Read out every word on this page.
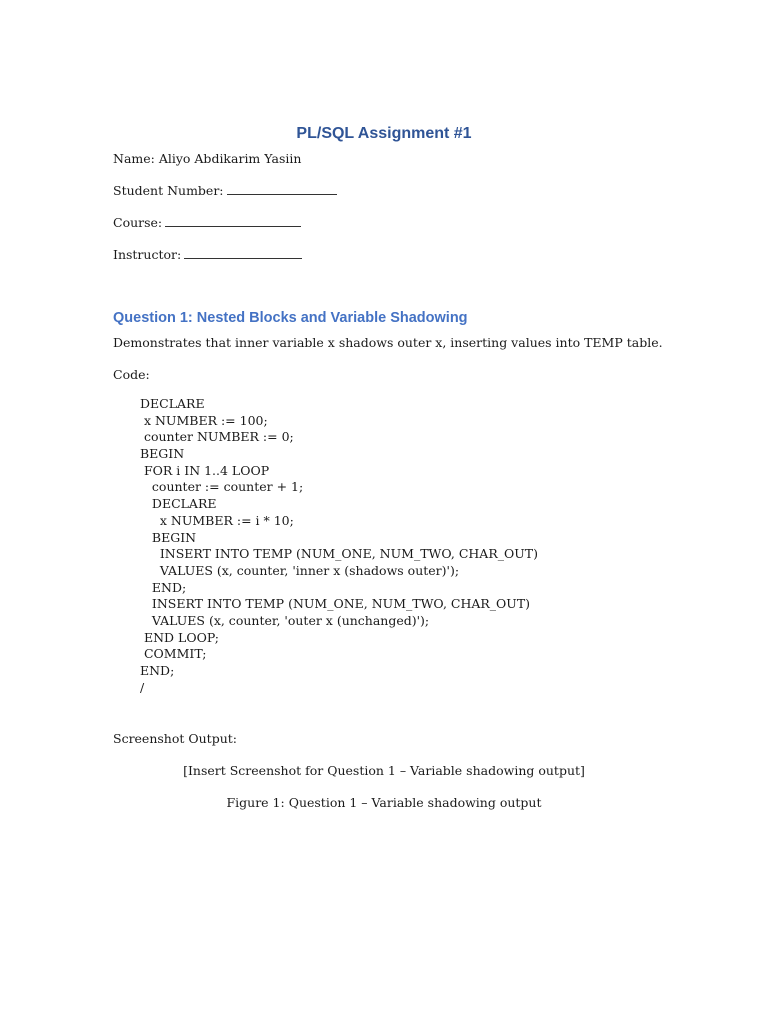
PL/SQL Assignment #1

Name: Aliyo Abdikarim Yasiin

Student Number:

Course:

Instructor:

Question 1: Nested Blocks and Variable Shadowing

Demonstrates that inner variable x shadows outer x, inserting values into TEMP table.

Code:

DECLARE
x NUMBER := 100;
counter NUMBER := 0;
BEGIN
FOR i IN 1..4 LOOP
counter := counter + 1;
DECLARE
x NUMBER := i * 10;
BEGIN
INSERT INTO TEMP (NUM_ONE, NUM_TWO, CHAR_OUT)
VALUES (x, counter, 'inner x (shadows outer)');
END;
INSERT INTO TEMP (NUM_ONE, NUM_TWO, CHAR_OUT)
VALUES (x, counter, 'outer x (unchanged)');
END LOOP;
COMMIT;
END;
/

Screenshot Output:

[Insert Screenshot for Question 1 – Variable shadowing output]

Figure 1: Question 1 – Variable shadowing output
